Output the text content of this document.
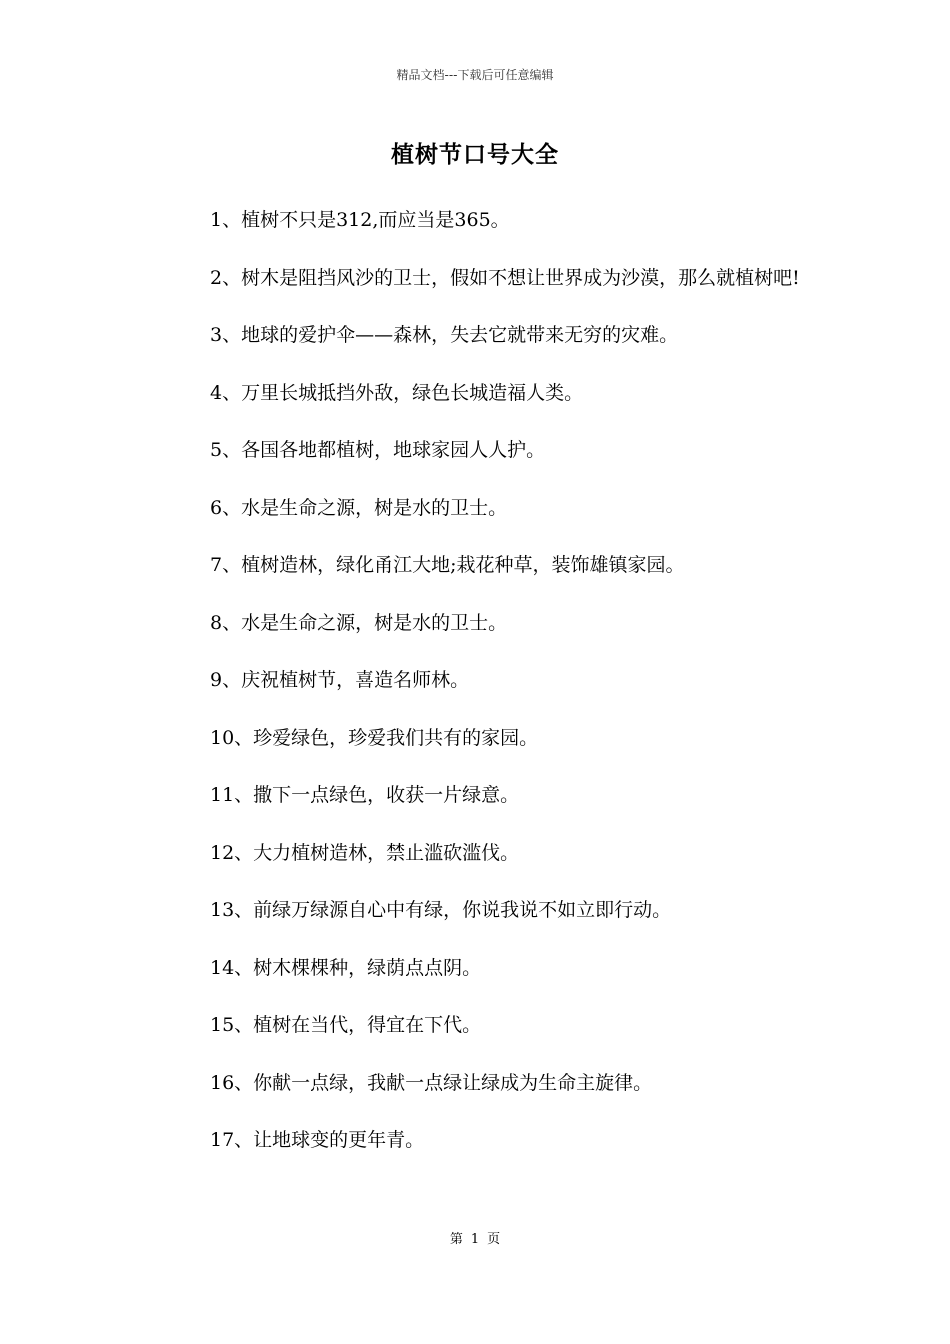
精品文档---下载后可任意编辑
植树节口号大全

1、植树不只是312,而应当是365。

2、树木是阻挡风沙的卫士，假如不想让世界成为沙漠，那么就植树吧!

3、地球的爱护伞——森林，失去它就带来无穷的灾难。

4、万里长城抵挡外敌，绿色长城造福人类。

5、各国各地都植树，地球家园人人护。

6、水是生命之源，树是水的卫士。

7、植树造林，绿化甬江大地;栽花种草，装饰雄镇家园。

8、水是生命之源，树是水的卫士。

9、庆祝植树节，喜造名师林。

10、珍爱绿色，珍爱我们共有的家园。

11、撒下一点绿色，收获一片绿意。

12、大力植树造林，禁止滥砍滥伐。

13、前绿万绿源自心中有绿，你说我说不如立即行动。

14、树木棵棵种，绿荫点点阴。

15、植树在当代，得宜在下代。

16、你献一点绿，我献一点绿让绿成为生命主旋律。

17、让地球变的更年青。

第 1 页
